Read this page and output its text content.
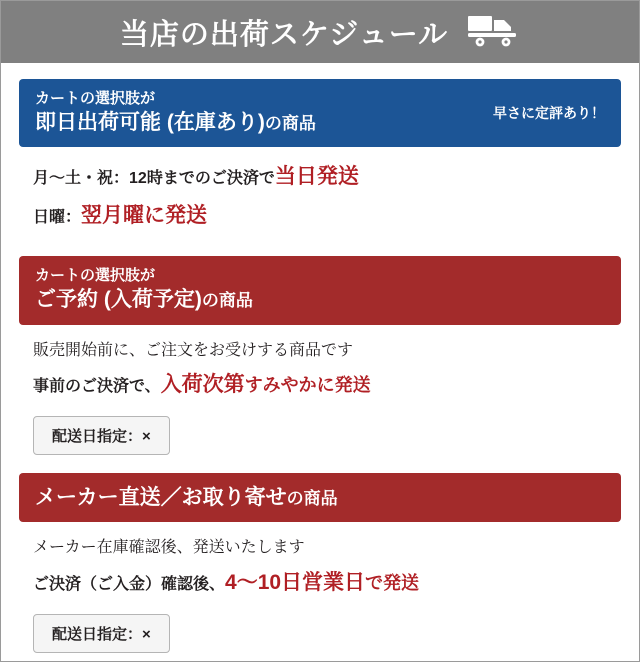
当店の出荷スケジュール
カートの選択肢が
即日出荷可能 (在庫あり)の商品
早さに定評あり！
月〜土・祝：12時までのご決済で当日発送
日曜：翌月曜に発送
カートの選択肢が
ご予約 (入荷予定)の商品
販売開始前に、ご注文をお受けする商品です
事前のご決済で、入荷次第すみやかに発送
配送日指定：×
メーカー直送／お取り寄せの商品
メーカー在庫確認後、発送いたします
ご決済（ご入金）確認後、4〜10日営業日で発送
配送日指定：×
